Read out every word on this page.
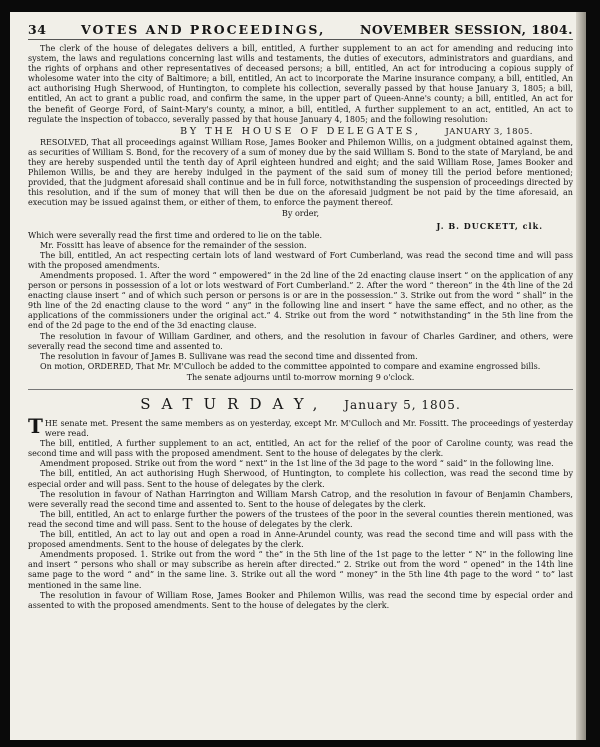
34	VOTES AND PROCEEDINGS,	NOVEMBER SESSION, 1804.

The clerk of the house of delegates delivers a bill, entitled, A further supplement to an act for amending and reducing into system, the laws and regulations concerning last wills and testaments, the duties of executors, administrators and guardians, and the rights of orphans and other representatives of deceased persons; a bill, entitled, An act for introducing a copious supply of wholesome water into the city of Baltimore; a bill, entitled, An act to incorporate the Marine insurance company, a bill, entitled, An act authorising Hugh Sherwood, of Huntington, to complete his collection, severally passed by that house January 3, 1805; a bill, entitled, An act to grant a public road, and confirm the same, in the upper part of Queen-Anne's county; a bill, entitled, An act for the benefit of George Ford, of Saint-Mary's county, a minor, a bill, entitled, A further supplement to an act, entitled, An act to regulate the inspection of tobacco, severally passed by that house January 4, 1805; and the following resolution:

BY THE HOUSE OF DELEGATES,	JANUARY 3, 1805.

RESOLVED, That all proceedings against William Rose, James Booker and Philemon Willis, on a judgment obtained against them, as securities of William S. Bond, for the recovery of a sum of money due by the said William S. Bond to the state of Maryland, be and they are hereby suspended until the tenth day of April eighteen hundred and eight; and the said William Rose, James Booker and Philemon Willis, be and they are hereby indulged in the payment of the said sum of money till the period before mentioned; provided, that the judgment aforesaid shall continue and be in full force, notwithstanding the suspension of proceedings directed by this resolution, and if the sum of money that will then be due on the aforesaid judgment be not paid by the time aforesaid, an execution may be issued against them, or either of them, to enforce the payment thereof.

By order,
J. B. DUCKETT, clk.

Which were severally read the first time and ordered to lie on the table.

Mr. Fossitt has leave of absence for the remainder of the session.

The bill, entitled, An act respecting certain lots of land westward of Fort Cumberland, was read the second time and will pass with the proposed amendments.

Amendments proposed. 1. After the word “ empowered” in the 2d line of the 2d enacting clause insert “ on the application of any person or persons in possession of a lot or lots westward of Fort Cumberland.” 2. After the word “ thereon” in the 4th line of the 2d enacting clause insert “ and of which such person or persons is or are in the possession.” 3. Strike out from the word “ shall” in the 9th line of the 2d enacting clause to the word “ any” in the following line and insert “ have the same effect, and no other, as the applications of the commissioners under the original act.” 4. Strike out from the word “ notwithstanding” in the 5th line from the end of the 2d page to the end of the 3d enacting clause.

The resolution in favour of William Gardiner, and others, and the resolution in favour of Charles Gardiner, and others, were severally read the second time and assented to.

The resolution in favour of James B. Sullivane was read the second time and dissented from.

On motion, ORDERED, That Mr. M'Culloch be added to the committee appointed to compare and examine engrossed bills.

The senate adjourns until to-morrow morning 9 o'clock.
SATURDAY, January 5, 1805.

THE senate met. Present the same members as on yesterday, except Mr. M'Culloch and Mr. Fossitt. The proceedings of yesterday were read.

The bill, entitled, A further supplement to an act, entitled, An act for the relief of the poor of Caroline county, was read the second time and will pass with the proposed amendment. Sent to the house of delegates by the clerk.

Amendment proposed. Strike out from the word “ next” in the 1st line of the 3d page to the word “ said” in the following line.

The bill, entitled, An act authorising Hugh Sherwood, of Huntington, to complete his collection, was read the second time by especial order and will pass. Sent to the house of delegates by the clerk.

The resolution in favour of Nathan Harrington and William Marsh Catrop, and the resolution in favour of Benjamin Chambers, were severally read the second time and assented to. Sent to the house of delegates by the clerk.

The bill, entitled, An act to enlarge further the powers of the trustees of the poor in the several counties therein mentioned, was read the second time and will pass. Sent to the house of delegates by the clerk.

The bill, entitled, An act to lay out and open a road in Anne-Arundel county, was read the second time and will pass with the proposed amendments. Sent to the house of delegates by the clerk.

Amendments proposed. 1. Strike out from the word “ the” in the 5th line of the 1st page to the letter “ N” in the following line and insert “ persons who shall or may subscribe as herein after directed.” 2. Strike out from the word “ opened” in the 14th line same page to the word “ and” in the same line. 3. Strike out all the word “ money” in the 5th line 4th page to the word “ to” last mentioned in the same line.

The resolution in favour of William Rose, James Booker and Philemon Willis, was read the second time by especial order and assented to with the proposed amendments. Sent to the house of delegates by the clerk.
